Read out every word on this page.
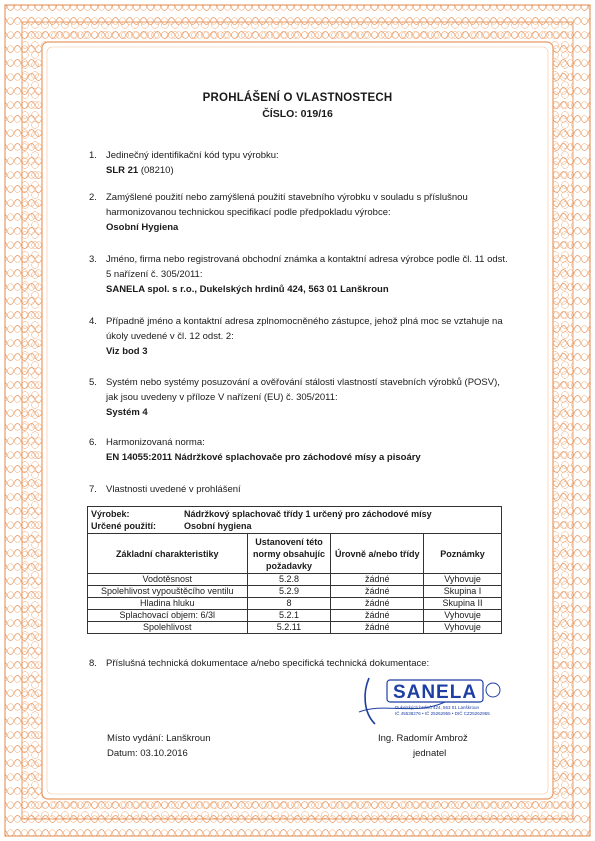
PROHLÁŠENÍ O VLASTNOSTECH
ČÍSLO: 019/16
1. Jedinečný identifikační kód typu výrobku:
SLR 21 (08210)
2. Zamýšlené použití nebo zamýšlená použití stavebního výrobku v souladu s příslušnou harmonizovanou technickou specifikací podle předpokladu výrobce:
Osobní Hygiena
3. Jméno, firma nebo registrovaná obchodní známka a kontaktní adresa výrobce podle čl. 11 odst. 5 nařízení č. 305/2011:
SANELA spol. s r.o., Dukelských hrdinů 424, 563 01 Lanškroun
4. Případně jméno a kontaktní adresa zplnomocněného zástupce, jehož plná moc se vztahuje na úkoly uvedené v čl. 12 odst. 2:
Viz bod 3
5. Systém nebo systémy posuzování a ověřování stálosti vlastností stavebních výrobků (POSV), jak jsou uvedeny v příloze V nařízení (EU) č. 305/2011:
Systém 4
6. Harmonizovaná norma:
EN 14055:2011 Nádržkové splachovače pro záchodové mísy a pisoáry
7. Vlastnosti uvedené v prohlášení
Výrobek:	Nádržkový splachovač třídy 1 určený pro záchodové mísy
Určené použití:	Osobní hygiena
Základní charakteristiky	Ustanovení této normy obsahujíc požadavky	Úrovně a/nebo třídy	Poznámky
Vodotěsnost	5.2.8	žádné	Vyhovuje
Spolehlivost vypouštěcího ventilu	5.2.9	žádné	Skupina I
Hladina hluku	8	žádné	Skupina II
Splachovací objem: 6/3l	5.2.1	žádné	Vyhovuje
Spolehlivost	5.2.11	žádné	Vyhovuje
8. Příslušná technická dokumentace a/nebo specifická technická dokumentace:
SANELA
Dukelských hrdinů 424, 563 01 Lanškroun
IČ 45538276 • IČ 25262955 • DIČ CZ25262955
Místo vydání: Lanškroun
Datum: 03.10.2016
Ing. Radomír Ambrož
jednatel
